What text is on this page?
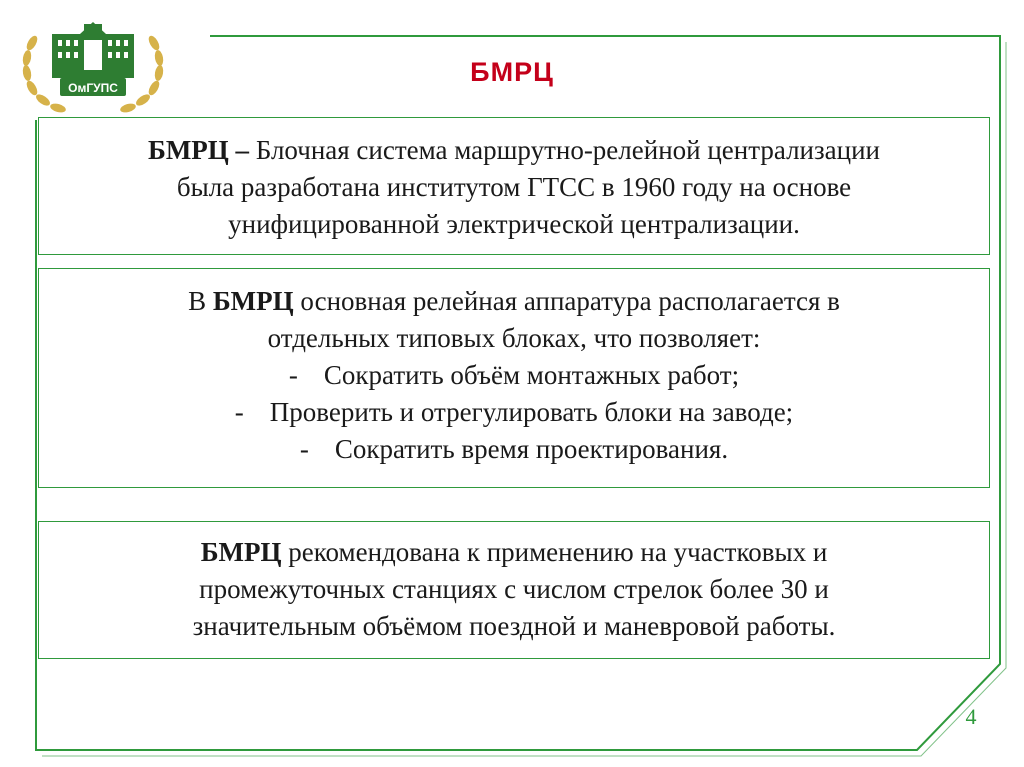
ОмГУПС
БМРЦ
БМРЦ – Блочная система маршрутно-релейной централизации
была разработана институтом ГТСС в 1960 году на основе
унифицированной электрической централизации.
В БМРЦ основная релейная аппаратура располагается в
отдельных типовых блоках, что позволяет:
- Сократить объём монтажных работ;
- Проверить и отрегулировать блоки на заводе;
- Сократить время проектирования.
БМРЦ рекомендована к применению на участковых и
промежуточных станциях с числом стрелок более 30 и
значительным объёмом поездной и маневровой работы.
4
